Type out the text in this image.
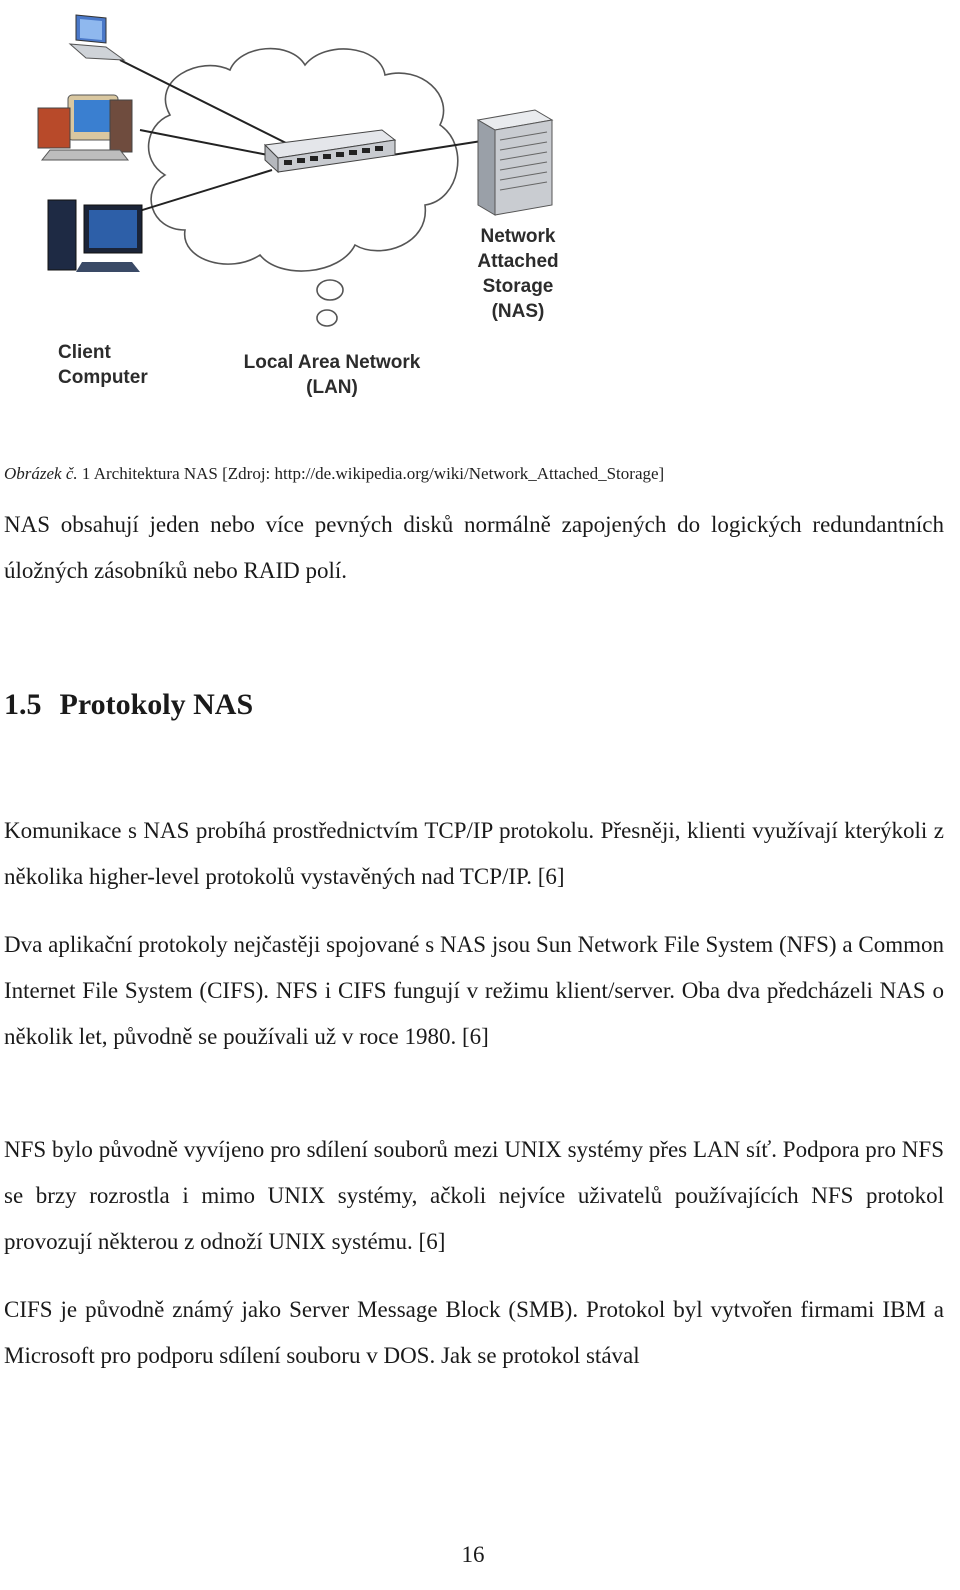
Client
Computer
Local Area Network
(LAN)
Network
Attached
Storage
(NAS)
Obrázek č. 1 Architektura NAS [Zdroj: http://de.wikipedia.org/wiki/Network_Attached_Storage]

NAS obsahují jeden nebo více pevných disků normálně zapojených do logických redundantních úložných zásobníků nebo RAID polí.

1.5 Protokoly NAS

Komunikace s NAS probíhá prostřednictvím TCP/IP protokolu. Přesněji, klienti využívají kterýkoli z několika higher-level protokolů vystavěných nad TCP/IP. [6]

Dva aplikační protokoly nejčastěji spojované s NAS jsou Sun Network File System (NFS) a Common Internet File System (CIFS). NFS i CIFS fungují v režimu klient/server. Oba dva předcházeli NAS o několik let, původně se používali už v roce 1980. [6]

NFS bylo původně vyvíjeno pro sdílení souborů mezi UNIX systémy přes LAN síť. Podpora pro NFS se brzy rozrostla i mimo UNIX systémy, ačkoli nejvíce uživatelů používajících NFS protokol provozují některou z odnoží UNIX systému. [6]

CIFS je původně známý jako Server Message Block (SMB). Protokol byl vytvořen firmami IBM a Microsoft pro podporu sdílení souboru v DOS. Jak se protokol stával

16
